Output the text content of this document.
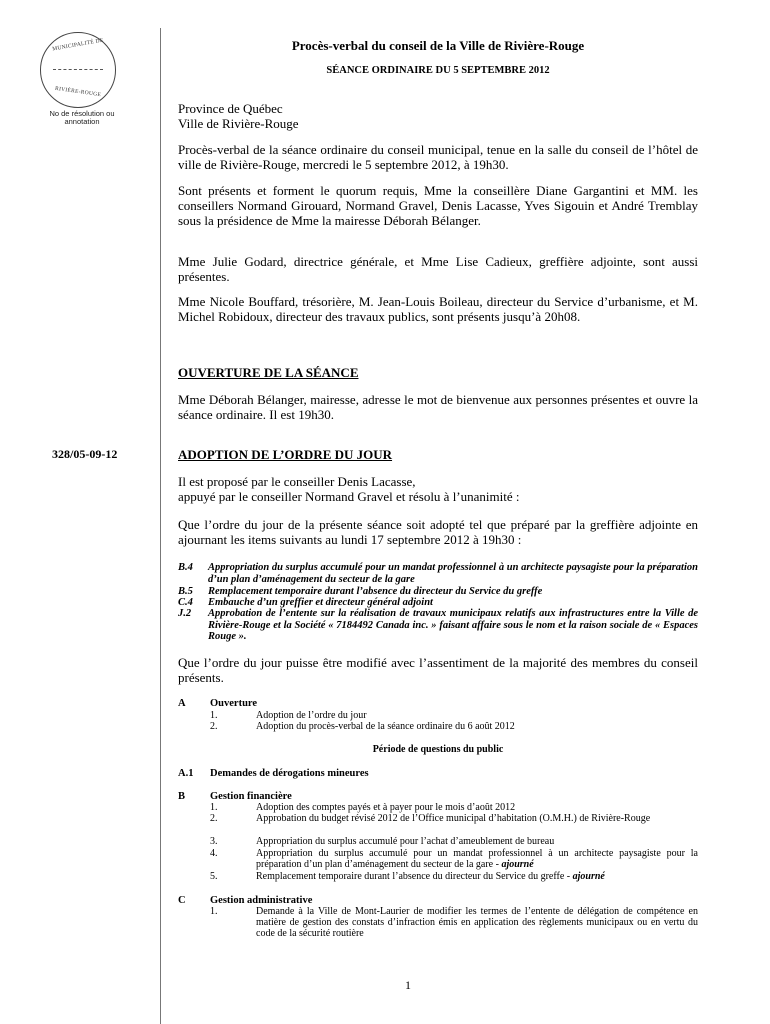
MUNICIPALITÉ DE
RIVIÈRE-ROUGE
No de résolution ou annotation
328/05-09-12
Procès-verbal du conseil de la Ville de Rivière-Rouge
SÉANCE ORDINAIRE DU 5 SEPTEMBRE 2012

Province de Québec

Ville de Rivière-Rouge

Procès-verbal de la séance ordinaire du conseil municipal, tenue en la salle du conseil de l’hôtel de ville de Rivière-Rouge, mercredi le 5 septembre 2012, à 19h30.

Sont présents et forment le quorum requis, Mme la conseillère Diane Gargantini et MM. les conseillers Normand Girouard, Normand Gravel, Denis Lacasse, Yves Sigouin et André Tremblay sous la présidence de Mme la mairesse Déborah Bélanger.

Mme Julie Godard, directrice générale, et Mme Lise Cadieux, greffière adjointe, sont aussi présentes.

Mme Nicole Bouffard, trésorière, M. Jean-Louis Boileau, directeur du Service d’urbanisme, et M. Michel Robidoux, directeur des travaux publics, sont présents jusqu’à 20h08.

OUVERTURE DE LA SÉANCE

Mme Déborah Bélanger, mairesse, adresse le mot de bienvenue aux personnes présentes et ouvre la séance ordinaire. Il est 19h30.

ADOPTION DE L’ORDRE DU JOUR

Il est proposé par le conseiller Denis Lacasse,

appuyé par le conseiller Normand Gravel et résolu à l’unanimité :

Que l’ordre du jour de la présente séance soit adopté tel que préparé par la greffière adjointe en ajournant les items suivants au lundi 17 septembre 2012 à 19h30 :

B.4	Appropriation du surplus accumulé pour un mandat professionnel à un architecte paysagiste pour la préparation d’un plan d’aménagement du secteur de la gare
B.5	Remplacement temporaire durant l’absence du directeur du Service du greffe
C.4	Embauche d’un greffier et directeur général adjoint
J.2	Approbation de l’entente sur la réalisation de travaux municipaux relatifs aux infrastructures entre la Ville de Rivière-Rouge et la Société « 7184492 Canada inc. » faisant affaire sous le nom et la raison sociale de « Espaces Rouge ».

Que l’ordre du jour puisse être modifié avec l’assentiment de la majorité des membres du conseil présents.

A Ouverture
1.	Adoption de l’ordre du jour
2.	Adoption du procès-verbal de la séance ordinaire du 6 août 2012
Période de questions du public
A.1 Demandes de dérogations mineures
B Gestion financière
1.	Adoption des comptes payés et à payer pour le mois d’août 2012
2.	Approbation du budget révisé 2012 de l’Office municipal d’habitation (O.M.H.) de Rivière-Rouge
3.	Appropriation du surplus accumulé pour l’achat d’ameublement de bureau
4.	Appropriation du surplus accumulé pour un mandat professionnel à un architecte paysagiste pour la préparation d’un plan d’aménagement du secteur de la gare - ajourné
5.	Remplacement temporaire durant l’absence du directeur du Service du greffe - ajourné
C Gestion administrative
1.	Demande à la Ville de Mont-Laurier de modifier les termes de l’entente de délégation de compétence en matière de gestion des constats d’infraction émis en application des règlements municipaux ou en vertu du code de la sécurité routière
1
